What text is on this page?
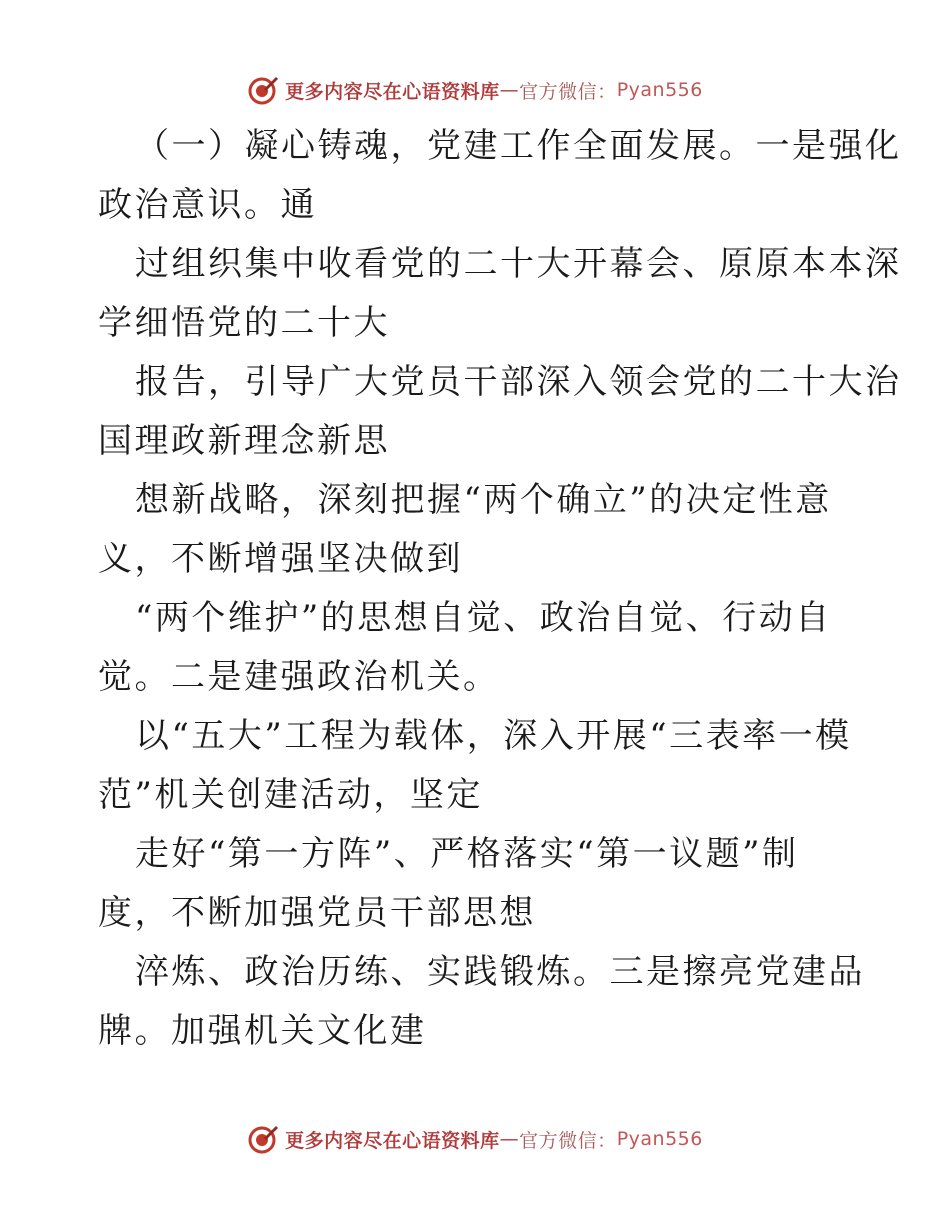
更多内容尽在心语资料库 — 官方微信： Pyan556
（一）凝心铸魂，党建工作全面发展。一是强化
政治意识。通
过组织集中收看党的二十大开幕会、原原本本深
学细悟党的二十大
报告，引导广大党员干部深入领会党的二十大治
国理政新理念新思
想新战略，深刻把握“两个确立”的决定性意
义，不断增强坚决做到
“两个维护”的思想自觉、政治自觉、行动自
觉。二是建强政治机关。
以“五大”工程为载体，深入开展“三表率一模
范”机关创建活动，坚定
走好“第一方阵”、严格落实“第一议题”制
度，不断加强党员干部思想
淬炼、政治历练、实践锻炼。三是擦亮党建品
牌。加强机关文化建
更多内容尽在心语资料库 — 官方微信： Pyan556
